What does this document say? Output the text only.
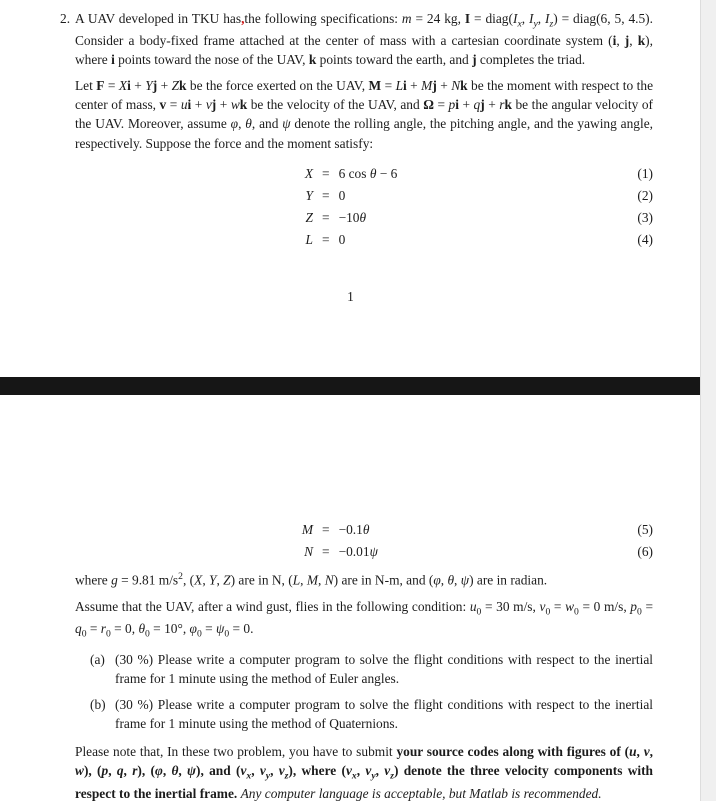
2. A UAV developed in TKU has,the following specifications: m = 24 kg, $I = diag(I_x$, $I_y$, $I_z$) = diag(6, 5, 4.5). Consider a body-fixed frame attached at the center of mass with a cartesian coordinate system (i, j, k), where i points toward the nose of the UAV, k points toward the earth, and j completes the triad.

Let F = Xi + Yj + Zk be the force exerted on the UAV, M = Li + Mj + Nk be the moment with respect to the center of mass, v = ui + vj + wk be the velocity of the UAV, and Ω = pi + qj + rk be the angular velocity of the UAV. Moreover, assume φ, θ, and ψ denote the rolling angle, the pitching angle, and the yawing angle, respectively. Suppose the force and the moment satisfy:

X = 6 cos θ − 6	(1)
Y = 0	(2)
Z = −10θ	(3)
L = 0	(4)
1
M = −0.1θ	(5)
N = −0.01ψ	(6)

where g = 9.81 $m/s^2$, (X, Y, Z) are in N, (L, M, N) are in N-m, and (φ, θ, ψ) are in radian.

Assume that the UAV, after a wind gust, flies in the following condition: $u_0 = 30$ m/s, $v_0 = w_0 = 0$ m/s, $p_0 = q_0 = r_0 = 0$, $\theta_0 = 10^\circ$, $\varphi_0 = \psi_0 = 0$.

(a) (30 %) Please write a computer program to solve the flight conditions with respect to the inertial frame for 1 minute using the method of Euler angles.
(b) (30 %) Please write a computer program to solve the flight conditions with respect to the inertial frame for 1 minute using the method of Quaternions.

Please note that, In these two problem, you have to submit your source codes along with figures of (u, v, w), (p, q, r), (φ, θ, ψ), and ($v_x$, $v_y$, $v_z$), where ($v_x$, $v_y$, $v_z$) denote the three velocity components with respect to the inertial frame. Any computer language is acceptable, but Matlab is recommended.
